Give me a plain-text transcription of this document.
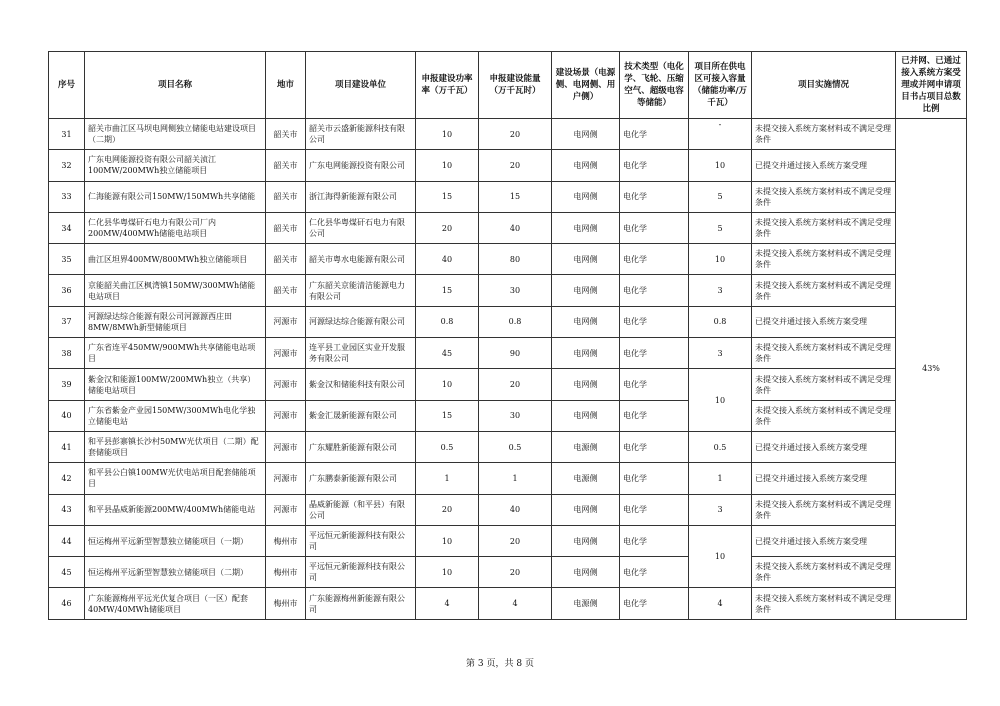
序号	项目名称	地市	项目建设单位	申报建设功率率（万千瓦）	申报建设能量（万千瓦时）	建设场景（电源侧、电网侧、用户侧）	技术类型（电化学、飞轮、压缩空气、超级电容等储能）	项目所在供电区可接入容量（储能功率/万千瓦）	项目实施情况	已并网、已通过接入系统方案受理或并网申请项目书占项目总数比例
31	韶关市曲江区马坝电网侧独立储能电站建设项目（二期）	韶关市	韶关市云盛新能源科技有限公司	10	20	电网侧	电化学	-	未提交接入系统方案材料或不满足受理条件	43%
32	广东电网能源投资有限公司韶关浈江100MW/200MWh独立储能项目	韶关市	广东电网能源投资有限公司	10	20	电网侧	电化学	10	已提交并通过接入系统方案受理	
33	仁海能源有限公司150MW/150MWh共享储能	韶关市	浙江海得新能源有限公司	15	15	电网侧	电化学	5	未提交接入系统方案材料或不满足受理条件	
34	仁化县华粤煤矸石电力有限公司厂内200MW/400MWh储能电站项目	韶关市	仁化县华粤煤矸石电力有限公司	20	40	电网侧	电化学	5	未提交接入系统方案材料或不满足受理条件	
35	曲江区坦界400MW/800MWh独立储能项目	韶关市	韶关市粤水电能源有限公司	40	80	电网侧	电化学	10	未提交接入系统方案材料或不满足受理条件	
36	京能韶关曲江区枫湾镇150MW/300MWh储能电站项目	韶关市	广东韶关京能清洁能源电力有限公司	15	30	电网侧	电化学	3	未提交接入系统方案材料或不满足受理条件	
37	河源绿达综合能源有限公司河源源西庄田8MW/8MWh新型储能项目	河源市	河源绿达综合能源有限公司	0.8	0.8	电网侧	电化学	0.8	已提交并通过接入系统方案受理	
38	广东省连平450MW/900MWh共享储能电站项目	河源市	连平县工业园区实业开发服务有限公司	45	90	电网侧	电化学	3	未提交接入系统方案材料或不满足受理条件	
39	紫金汉和能源100MW/200MWh独立（共享）储能电站项目	河源市	紫金汉和储能科技有限公司	10	20	电网侧	电化学	10	未提交接入系统方案材料或不满足受理条件	
40	广东省紫金产业园150MW/300MWh电化学独立储能电站	河源市	紫金汇晟新能源有限公司	15	30	电网侧	电化学		未提交接入系统方案材料或不满足受理条件	
41	和平县彭寨镇长沙村50MW光伏项目（二期）配套储能项目	河源市	广东耀胜新能源有限公司	0.5	0.5	电源侧	电化学	0.5	已提交并通过接入系统方案受理	
42	和平县公白镇100MW光伏电站项目配套储能项目	河源市	广东鹏泰新能源有限公司	1	1	电源侧	电化学	1	已提交并通过接入系统方案受理	
43	和平县晶威新能源200MW/400MWh储能电站	河源市	晶威新能源（和平县）有限公司	20	40	电网侧	电化学	3	未提交接入系统方案材料或不满足受理条件	
44	恒运梅州平远新型智慧独立储能项目（一期）	梅州市	平远恒元新能源科技有限公司	10	20	电网侧	电化学	10	已提交并通过接入系统方案受理	
45	恒运梅州平远新型智慧独立储能项目（二期）	梅州市	平远恒元新能源科技有限公司	10	20	电网侧	电化学		未提交接入系统方案材料或不满足受理条件	
46	广东能源梅州平远光伏复合项目（一区）配套40MW/40MWh储能项目	梅州市	广东能源梅州新能源有限公司	4	4	电源侧	电化学	4	未提交接入系统方案材料或不满足受理条件	
第 3 页，共 8 页
